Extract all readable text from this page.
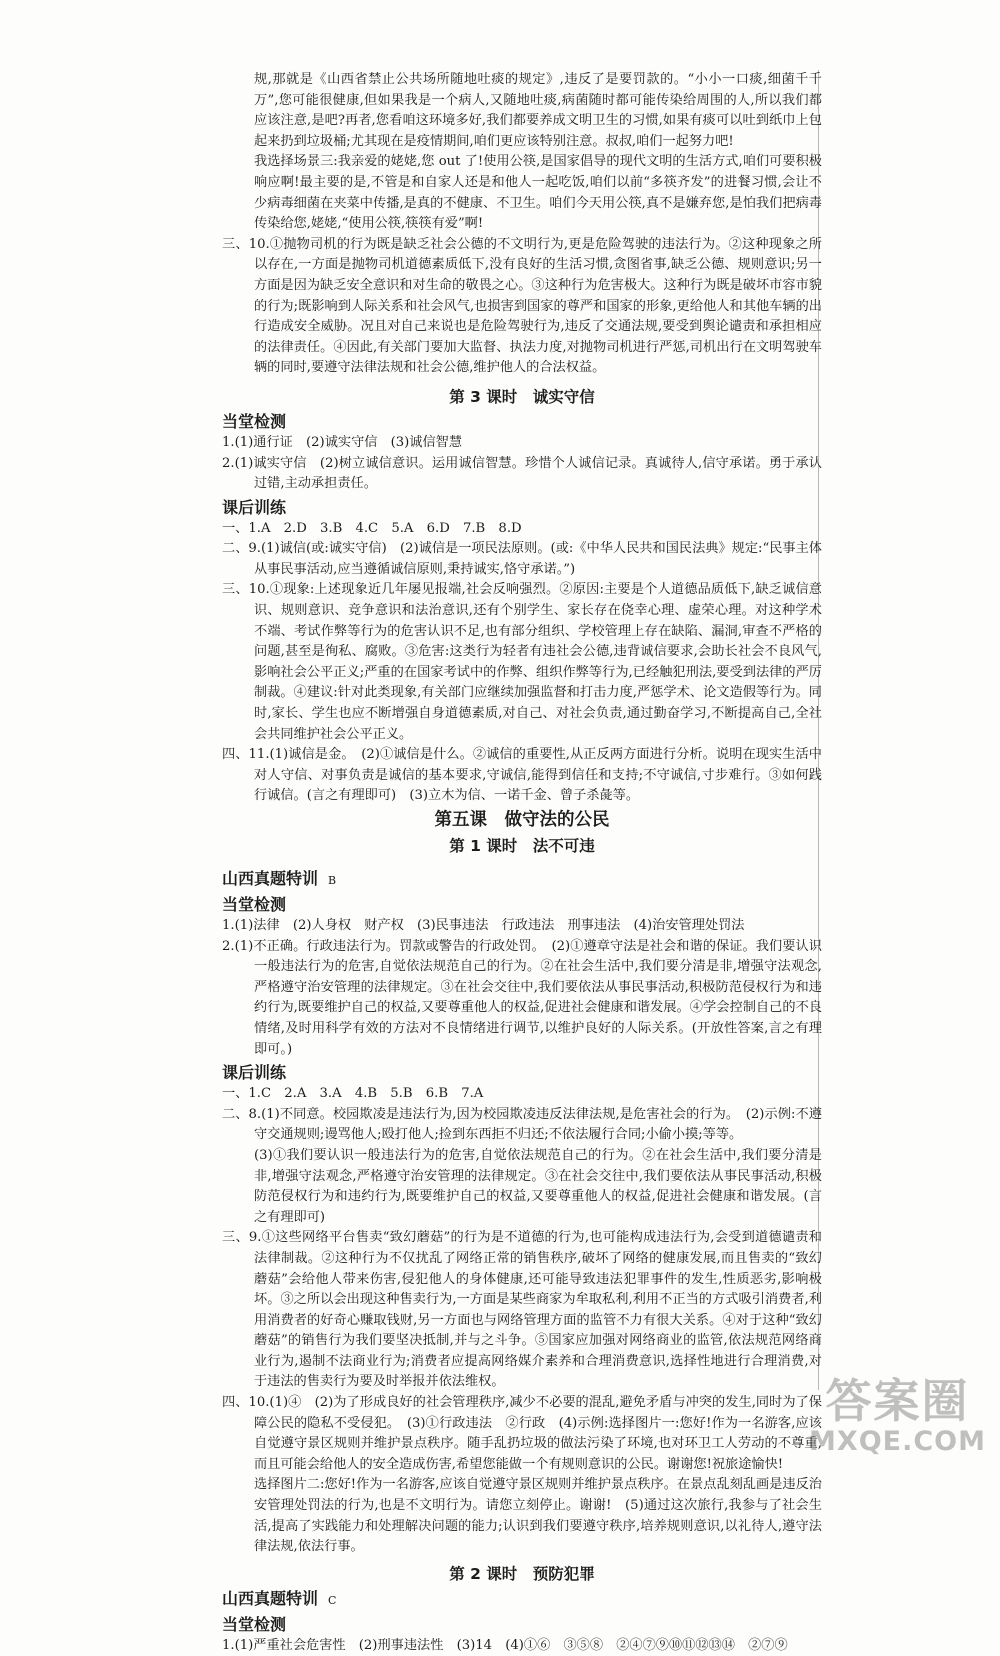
规,那就是《山西省禁止公共场所随地吐痰的规定》,违反了是要罚款的。“小小一口痰,细菌千千万”,您可能很健康,但如果我是一个病人,又随地吐痰,病菌随时都可能传染给周围的人,所以我们都应该注意,是吧?再者,您看咱这环境多好,我们都要养成文明卫生的习惯,如果有痰可以吐到纸巾上包起来扔到垃圾桶;尤其现在是疫情期间,咱们更应该特别注意。叔叔,咱们一起努力吧!

我选择场景三:我亲爱的姥姥,您 out 了!使用公筷,是国家倡导的现代文明的生活方式,咱们可要积极响应啊!最主要的是,不管是和自家人还是和他人一起吃饭,咱们以前“多筷齐发”的进餐习惯,会让不少病毒细菌在夹菜中传播,是真的不健康、不卫生。咱们今天用公筷,真不是嫌弃您,是怕我们把病毒传染给您,姥姥,“使用公筷,筷筷有爱”啊!

三、10.①抛物司机的行为既是缺乏社会公德的不文明行为,更是危险驾驶的违法行为。②这种现象之所以存在,一方面是抛物司机道德素质低下,没有良好的生活习惯,贪图省事,缺乏公德、规则意识;另一方面是因为缺乏安全意识和对生命的敬畏之心。③这种行为危害极大。这种行为既是破坏市容市貌的行为;既影响到人际关系和社会风气,也损害到国家的尊严和国家的形象,更给他人和其他车辆的出行造成安全威胁。况且对自己来说也是危险驾驶行为,违反了交通法规,要受到舆论谴责和承担相应的法律责任。④因此,有关部门要加大监督、执法力度,对抛物司机进行严惩,司机出行在文明驾驶车辆的同时,要遵守法律法规和社会公德,维护他人的合法权益。

第 3 课时　诚实守信

当堂检测

1.(1)通行证　(2)诚实守信　(3)诚信智慧

2.(1)诚实守信　(2)树立诚信意识。运用诚信智慧。珍惜个人诚信记录。真诚待人,信守承诺。勇于承认过错,主动承担责任。

课后训练

一、1.A　2.D　3.B　4.C　5.A　6.D　7.B　8.D

二、9.(1)诚信(或:诚实守信)　(2)诚信是一项民法原则。(或:《中华人民共和国民法典》规定:“民事主体从事民事活动,应当遵循诚信原则,秉持诚实,恪守承诺。”)

三、10.①现象:上述现象近几年屡见报端,社会反响强烈。②原因:主要是个人道德品质低下,缺乏诚信意识、规则意识、竞争意识和法治意识,还有个别学生、家长存在侥幸心理、虚荣心理。对这种学术不端、考试作弊等行为的危害认识不足,也有部分组织、学校管理上存在缺陷、漏洞,审查不严格的问题,甚至是徇私、腐败。③危害:这类行为轻者有违社会公德,违背诚信要求,会助长社会不良风气,影响社会公平正义;严重的在国家考试中的作弊、组织作弊等行为,已经触犯刑法,要受到法律的严厉制裁。④建议:针对此类现象,有关部门应继续加强监督和打击力度,严惩学术、论文造假等行为。同时,家长、学生也应不断增强自身道德素质,对自己、对社会负责,通过勤奋学习,不断提高自己,全社会共同维护社会公平正义。

四、11.(1)诚信是金。　(2)①诚信是什么。②诚信的重要性,从正反两方面进行分析。说明在现实生活中对人守信、对事负责是诚信的基本要求,守诚信,能得到信任和支持;不守诚信,寸步难行。③如何践行诚信。(言之有理即可)　(3)立木为信、一诺千金、曾子杀彘等。

第五课　做守法的公民

第 1 课时　法不可违

山西真题特训 B

当堂检测

1.(1)法律　(2)人身权　财产权　(3)民事违法　行政违法　刑事违法　(4)治安管理处罚法

2.(1)不正确。行政违法行为。罚款或警告的行政处罚。　(2)①遵章守法是社会和谐的保证。我们要认识一般违法行为的危害,自觉依法规范自己的行为。②在社会生活中,我们要分清是非,增强守法观念,严格遵守治安管理的法律规定。③在社会交往中,我们要依法从事民事活动,积极防范侵权行为和违约行为,既要维护自己的权益,又要尊重他人的权益,促进社会健康和谐发展。④学会控制自己的不良情绪,及时用科学有效的方法对不良情绪进行调节,以维护良好的人际关系。(开放性答案,言之有理即可。)

课后训练

一、1.C　2.A　3.A　4.B　5.B　6.B　7.A

二、8.(1)不同意。校园欺凌是违法行为,因为校园欺凌违反法律法规,是危害社会的行为。　(2)示例:不遵守交通规则;谩骂他人;殴打他人;捡到东西拒不归还;不依法履行合同;小偷小摸;等等。

(3)①我们要认识一般违法行为的危害,自觉依法规范自己的行为。②在社会生活中,我们要分清是非,增强守法观念,严格遵守治安管理的法律规定。③在社会交往中,我们要依法从事民事活动,积极防范侵权行为和违约行为,既要维护自己的权益,又要尊重他人的权益,促进社会健康和谐发展。(言之有理即可)

三、9.①这些网络平台售卖“致幻蘑菇”的行为是不道德的行为,也可能构成违法行为,会受到道德谴责和法律制裁。②这种行为不仅扰乱了网络正常的销售秩序,破坏了网络的健康发展,而且售卖的“致幻蘑菇”会给他人带来伤害,侵犯他人的身体健康,还可能导致违法犯罪事件的发生,性质恶劣,影响极坏。③之所以会出现这种售卖行为,一方面是某些商家为牟取私利,利用不正当的方式吸引消费者,利用消费者的好奇心赚取钱财,另一方面也与网络管理方面的监管不力有很大关系。④对于这种“致幻蘑菇”的销售行为我们要坚决抵制,并与之斗争。⑤国家应加强对网络商业的监管,依法规范网络商业行为,遏制不法商业行为;消费者应提高网络媒介素养和合理消费意识,选择性地进行合理消费,对于违法的售卖行为要及时举报并依法维权。

四、10.(1)④　(2)为了形成良好的社会管理秩序,减少不必要的混乱,避免矛盾与冲突的发生,同时为了保障公民的隐私不受侵犯。　(3)①行政违法　②行政　(4)示例:选择图片一:您好!作为一名游客,应该自觉遵守景区规则并维护景点秩序。随手乱扔垃圾的做法污染了环境,也对环卫工人劳动的不尊重,而且可能会给他人的安全造成伤害,希望您能做一个有规则意识的公民。谢谢您!祝旅途愉快!

选择图片二:您好!作为一名游客,应该自觉遵守景区规则并维护景点秩序。在景点乱刻乱画是违反治安管理处罚法的行为,也是不文明行为。请您立刻停止。谢谢!　(5)通过这次旅行,我参与了社会生活,提高了实践能力和处理解决问题的能力;认识到我们要遵守秩序,培养规则意识,以礼待人,遵守法律法规,依法行事。

第 2 课时　预防犯罪

山西真题特训 C

当堂检测

1.(1)严重社会危害性　(2)刑事违法性　(3)14　(4)①⑥　③⑤⑧　②④⑦⑨⑩⑪⑫⑬⑭　②⑦⑨

答案圈
MXQE.COM
